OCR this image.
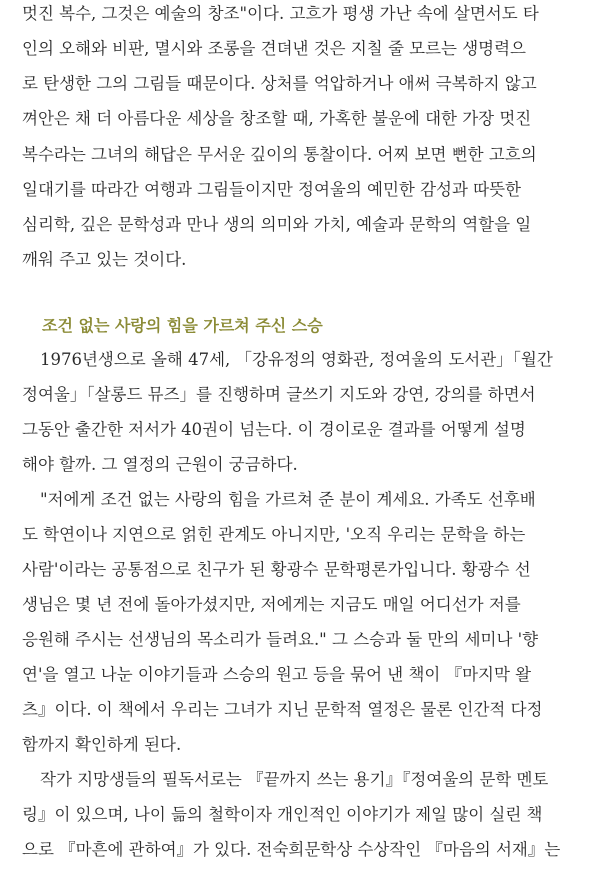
멋진 복수, 그것은 예술의 창조"이다. 고흐가 평생 가난 속에 살면서도 타
인의 오해와 비판, 멸시와 조롱을 견뎌낸 것은 지칠 줄 모르는 생명력으
로 탄생한 그의 그림들 때문이다. 상처를 억압하거나 애써 극복하지 않고
껴안은 채 더 아름다운 세상을 창조할 때, 가혹한 불운에 대한 가장 멋진
복수라는 그녀의 해답은 무서운 깊이의 통찰이다. 어찌 보면 뻔한 고흐의
일대기를 따라간 여행과 그림들이지만 정여울의 예민한 감성과 따뜻한
심리학, 깊은 문학성과 만나 생의 의미와 가치, 예술과 문학의 역할을 일
깨워 주고 있는 것이다.
조건 없는 사랑의 힘을 가르쳐 주신 스승
1976년생으로 올해 47세, 「강유정의 영화관, 정여울의 도서관」「월간
정여울」「살롱드 뮤즈」를 진행하며 글쓰기 지도와 강연, 강의를 하면서
그동안 출간한 저서가 40권이 넘는다. 이 경이로운 결과를 어떻게 설명
해야 할까. 그 열정의 근원이 궁금하다.
"저에게 조건 없는 사랑의 힘을 가르쳐 준 분이 계세요. 가족도 선후배
도 학연이나 지연으로 얽힌 관계도 아니지만, '오직 우리는 문학을 하는
사람'이라는 공통점으로 친구가 된 황광수 문학평론가입니다. 황광수 선
생님은 몇 년 전에 돌아가셨지만, 저에게는 지금도 매일 어디선가 저를
응원해 주시는 선생님의 목소리가 들려요." 그 스승과 둘 만의 세미나 '향
연'을 열고 나눈 이야기들과 스승의 원고 등을 묶어 낸 책이 『마지막 왈
츠』이다. 이 책에서 우리는 그녀가 지닌 문학적 열정은 물론 인간적 다정
함까지 확인하게 된다.
작가 지망생들의 필독서로는 『끝까지 쓰는 용기』『정여울의 문학 멘토
링』이 있으며, 나이 듦의 철학이자 개인적인 이야기가 제일 많이 실린 책
으로 『마흔에 관하여』가 있다. 전숙희문학상 수상작인 『마음의 서재』는
